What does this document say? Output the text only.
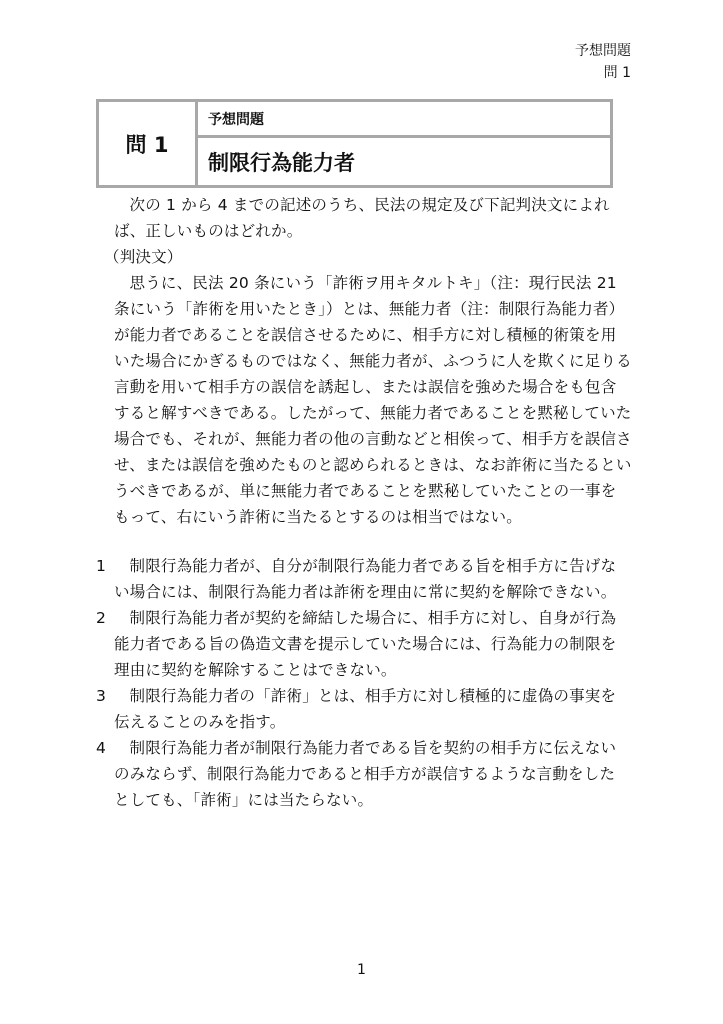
予想問題
問 1
問 1
予想問題
制限行為能力者

次の 1 から 4 までの記述のうち、民法の規定及び下記判決文によれば、正しいものはどれか。

（判決文）

思うに、民法 20 条にいう「詐術ヲ用キタルトキ」（注：現行民法 21 条にいう「詐術を用いたとき」）とは、無能力者（注：制限行為能力者）が能力者であることを誤信させるために、相手方に対し積極的術策を用いた場合にかぎるものではなく、無能力者が、ふつうに人を欺くに足りる言動を用いて相手方の誤信を誘起し、または誤信を強めた場合をも包含すると解すべきである。したがって、無能力者であることを黙秘していた場合でも、それが、無能力者の他の言動などと相俟って、相手方を誤信させ、または誤信を強めたものと認められるときは、なお詐術に当たるというべきであるが、単に無能力者であることを黙秘していたことの一事をもって、右にいう詐術に当たるとするのは相当ではない。

1	制限行為能力者が、自分が制限行為能力者である旨を相手方に告げない場合には、制限行為能力者は詐術を理由に常に契約を解除できない。
2	制限行為能力者が契約を締結した場合に、相手方に対し、自身が行為能力者である旨の偽造文書を提示していた場合には、行為能力の制限を理由に契約を解除することはできない。
3	制限行為能力者の「詐術」とは、相手方に対し積極的に虚偽の事実を伝えることのみを指す。
4	制限行為能力者が制限行為能力者である旨を契約の相手方に伝えないのみならず、制限行為能力であると相手方が誤信するような言動をしたとしても、「詐術」には当たらない。
1
